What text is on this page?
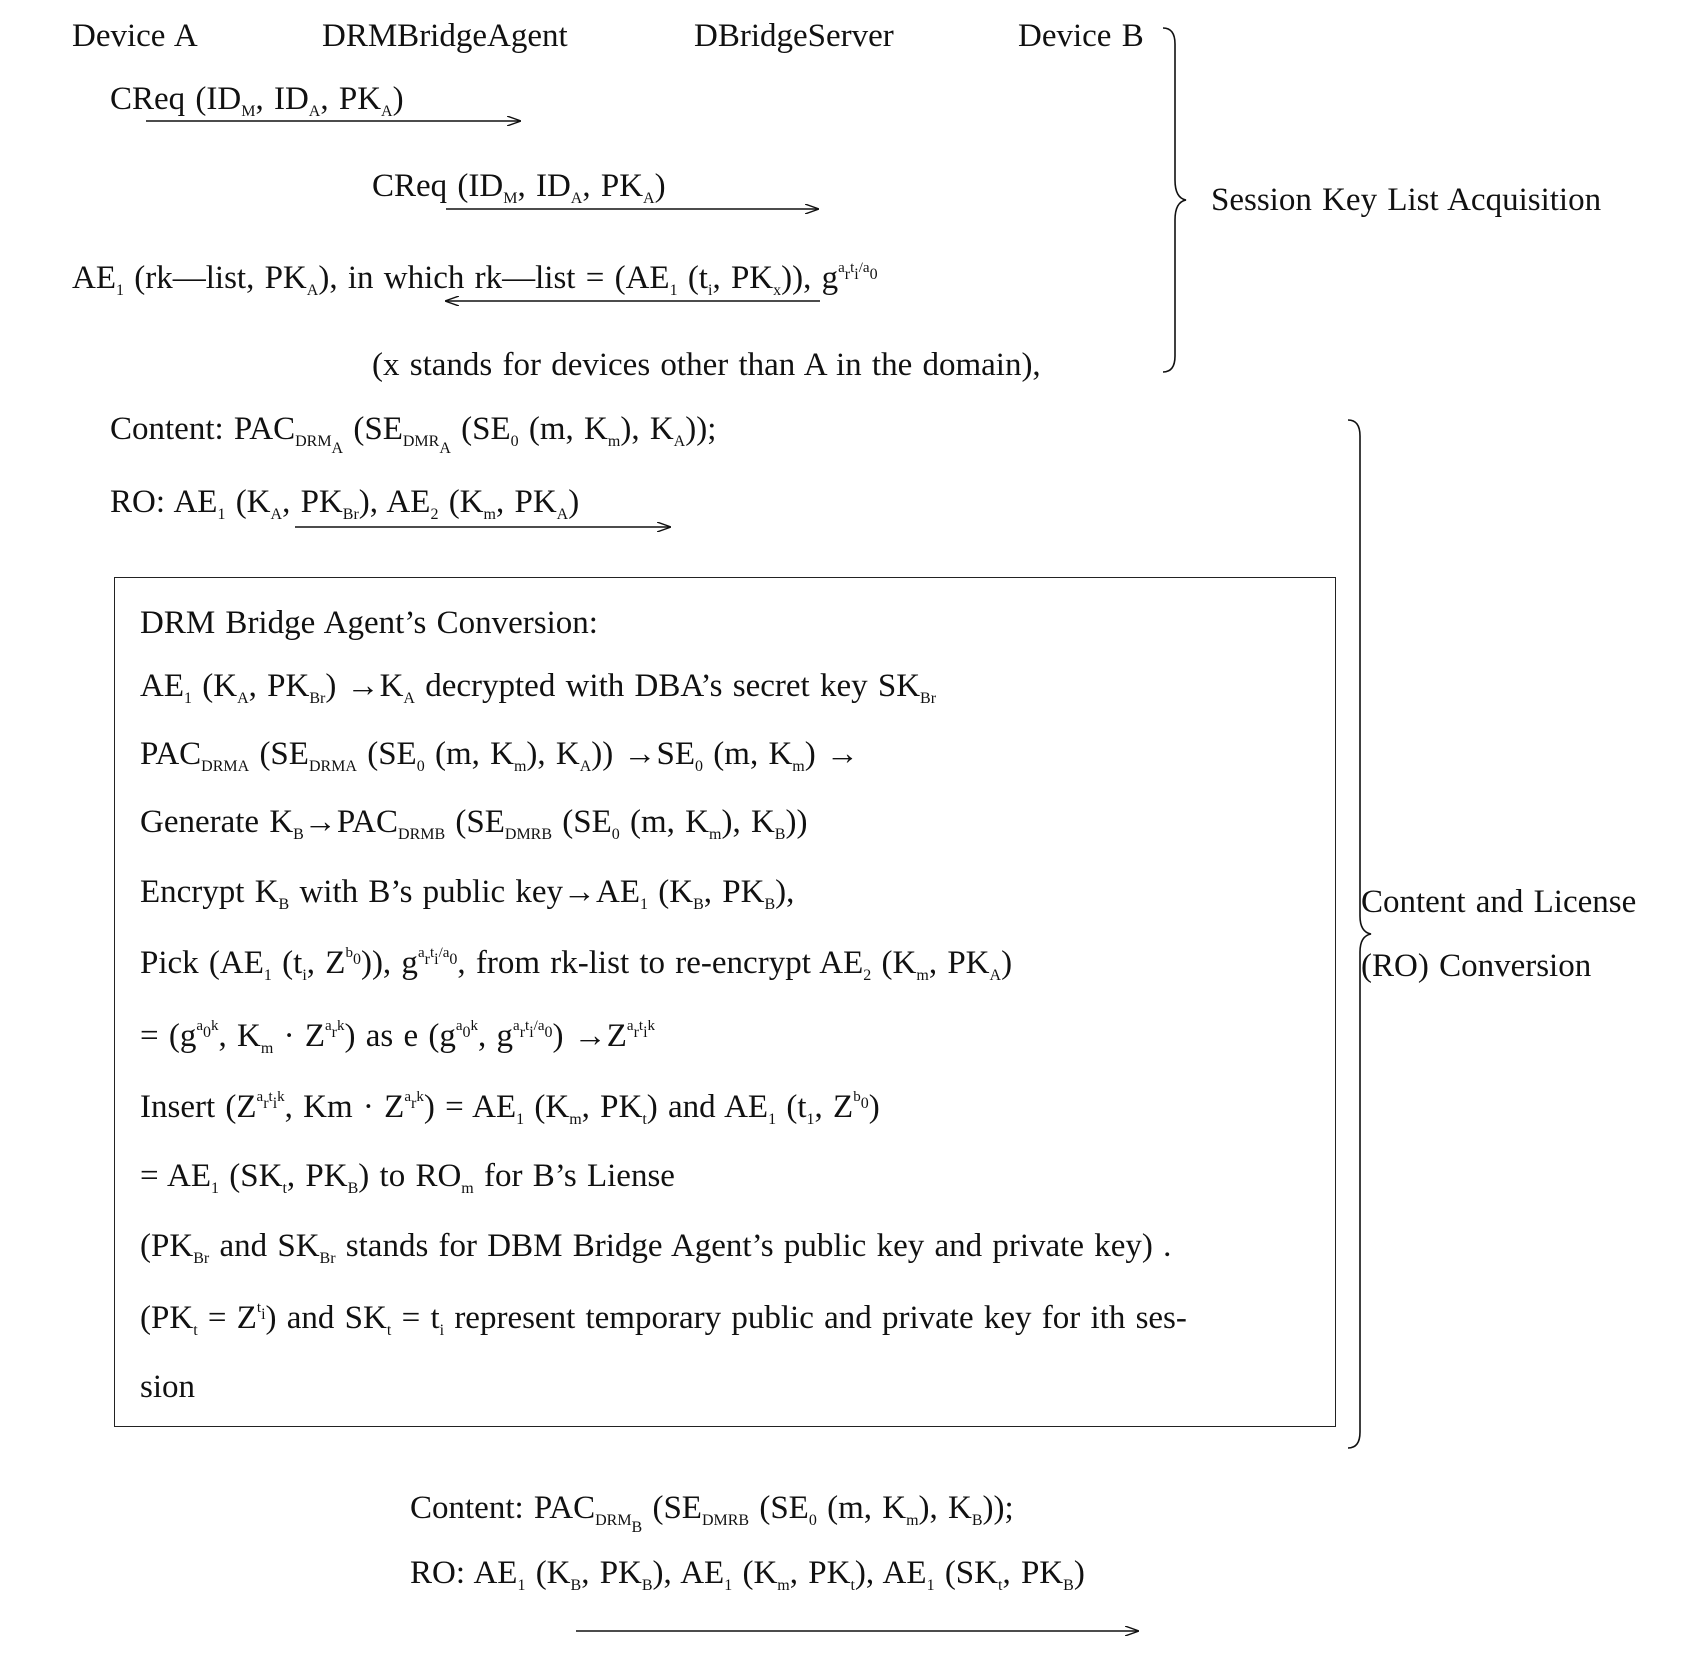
Device A	DRMBridgeAgent	DBridgeServer	Device B
Session Key List Acquisition
Content and License
(RO) Conversion
CReq ($ID_M$, $ID_A$, $PK_A$)
CReq ($ID_M$, $ID_A$, $PK_A$)
$AE_1$ (rk—list, $PK_A$), in which rk—list = ($AE_1$ ($t_i$, $PK_x$)), $g^{a_rt_i/a_0}$
(x stands for devices other than A in the domain),
Content: $PAC_{DRM_A}$ ($SE_{DMR_A}$ ($SE_0$ (m, $K_m$), $K_A$));
RO: $AE_1$ ($K_A$, $PK_{Br}$), $AE_2$ ($K_m$, $PK_A$)
DRM Bridge Agent’s Conversion:
$AE_1$ ($K_A$, $PK_{Br}) \to K_A$ decrypted with DBA’s secret key $SK_{Br}$
$PAC_{DRMA}$ ($SE_{DRMA}$ ($SE_0$ (m, $K_m$), $K_A)) \to SE_0$ (m, $K_m$) →
Generate $K_B\to PAC_{DRMB}$ ($SE_{DMRB}$ ($SE_0$ (m, $K_m$), $K_B$))
Encrypt $K_B$ with B’s public $key\to AE_1$ ($K_B$, $PK_B$),
Pick ($AE_1$ ($t_i$, $Z^{b_0}$)), $g^{a_rt_i/a_0}$, from rk-list to re-encrypt $AE_2$ ($K_m$, $PK_A$)
= ($g^{a_0k}$, $K_m \cdot Z^{a_rk}$) as e ($g^{a_0k}$, $g^{a_rt_i/a_0}) \to Z^{a_rt_ik}$
Insert ($Z^{a_rt_ik}$, $Km \cdot Z^{a_rk}) = AE_1$ ($K_m$, $PK_t$) and $AE_1$ ($t_1$, $Z^{b_0}$)
= $AE_1$ ($SK_t$, $PK_B$) to $RO_m$ for B’s Liense
($PK_{Br}$ and $SK_{Br}$ stands for DBM Bridge Agent’s public key and private key) .
$(PK_t = Z^{t_i})$ and $SK_t = t_i$ represent temporary public and private key for ith ses-
sion
Content: $PAC_{DRM_B}$ ($SE_{DMRB}$ ($SE_0$ (m, $K_m$), $K_B$));
RO: $AE_1$ ($K_B$, $PK_B$), $AE_1$ ($K_m$, $PK_t$), $AE_1$ ($SK_t$, $PK_B$)
